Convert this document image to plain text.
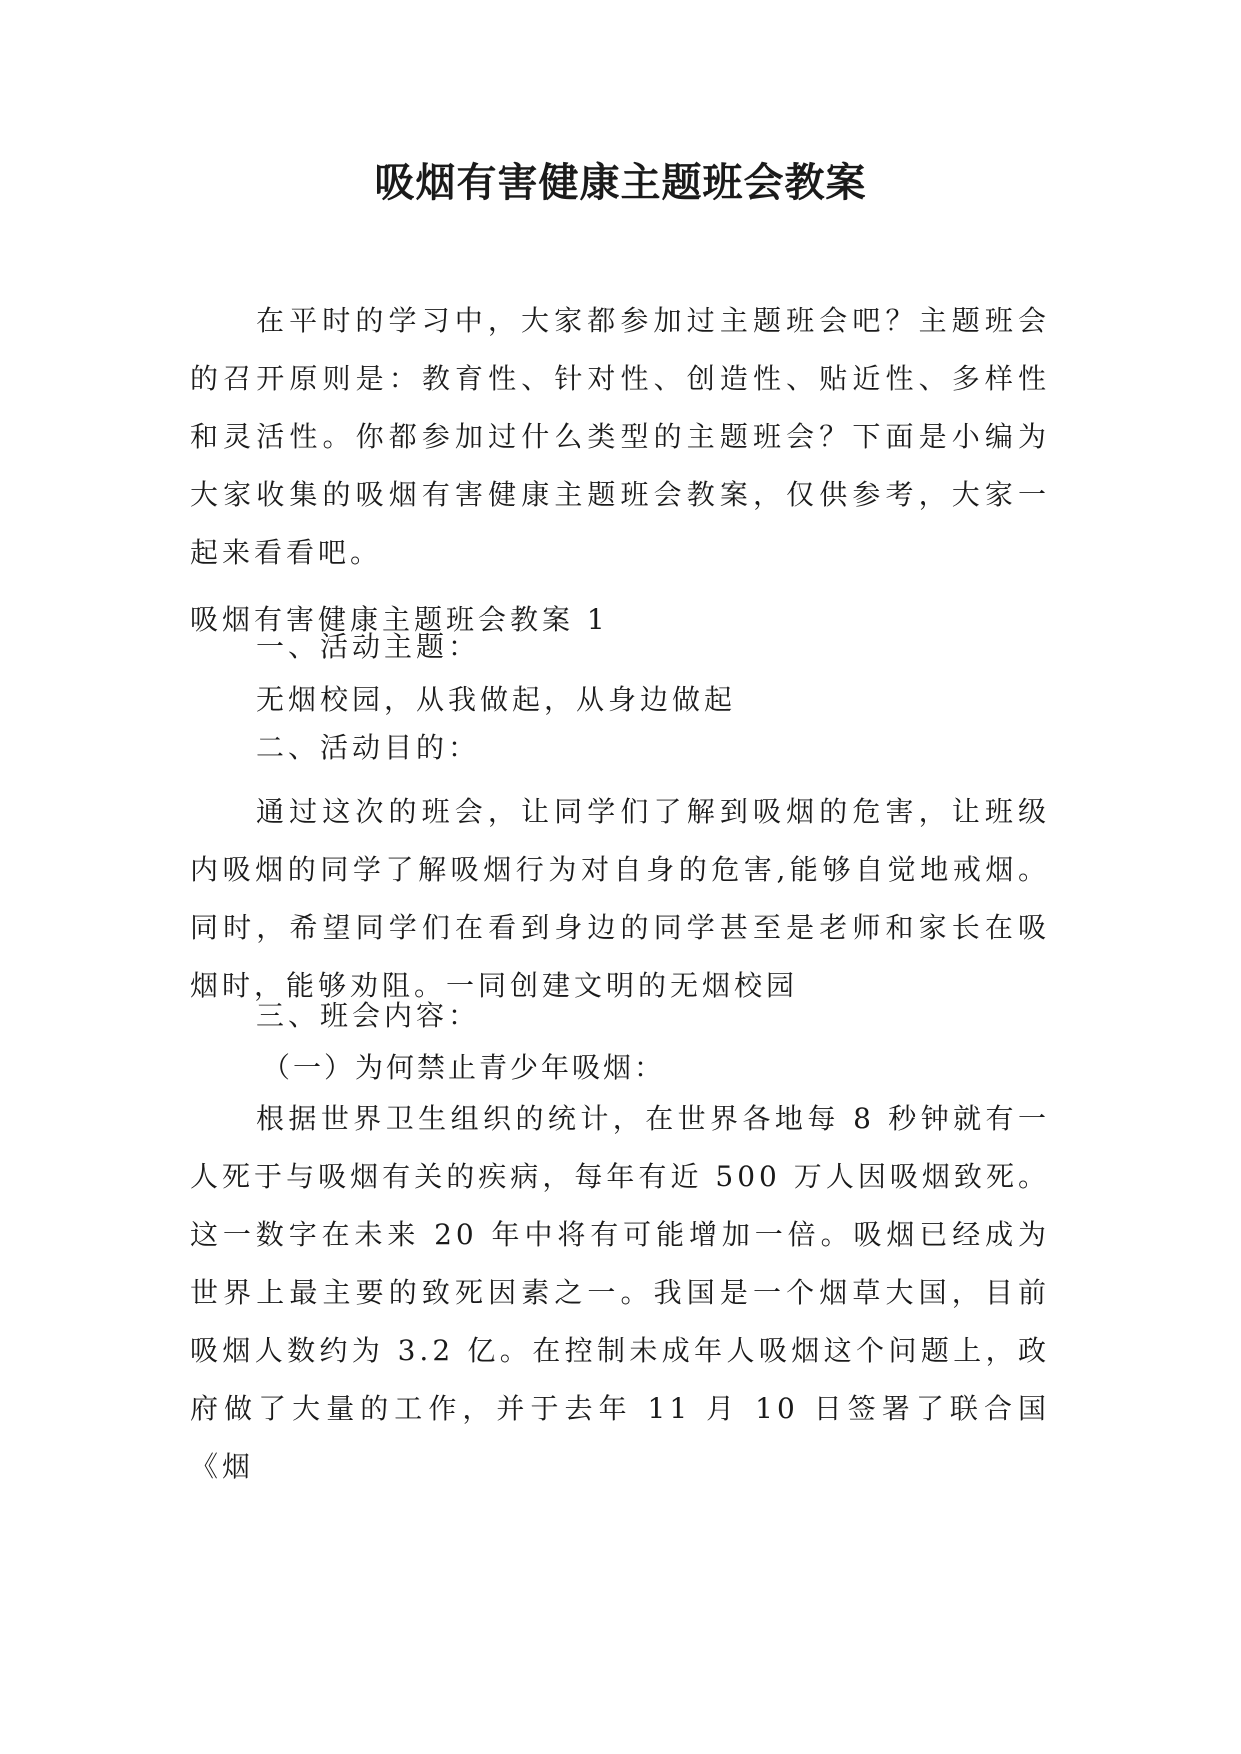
吸烟有害健康主题班会教案

在平时的学习中，大家都参加过主题班会吧？主题班会的召开原则是：教育性、针对性、创造性、贴近性、多样性和灵活性。你都参加过什么类型的主题班会？下面是小编为大家收集的吸烟有害健康主题班会教案，仅供参考，大家一起来看看吧。

吸烟有害健康主题班会教案 1

一、活动主题：

无烟校园，从我做起，从身边做起

二、活动目的：

通过这次的班会，让同学们了解到吸烟的危害，让班级内吸烟的同学了解吸烟行为对自身的危害,能够自觉地戒烟。同时，希望同学们在看到身边的同学甚至是老师和家长在吸烟时，能够劝阻。一同创建文明的无烟校园

三、班会内容：

（一）为何禁止青少年吸烟：

根据世界卫生组织的统计，在世界各地每 8 秒钟就有一人死于与吸烟有关的疾病，每年有近 500 万人因吸烟致死。这一数字在未来 20 年中将有可能增加一倍。吸烟已经成为世界上最主要的致死因素之一。我国是一个烟草大国，目前吸烟人数约为 3.2 亿。在控制未成年人吸烟这个问题上，政府做了大量的工作，并于去年 11 月 10 日签署了联合国《烟
